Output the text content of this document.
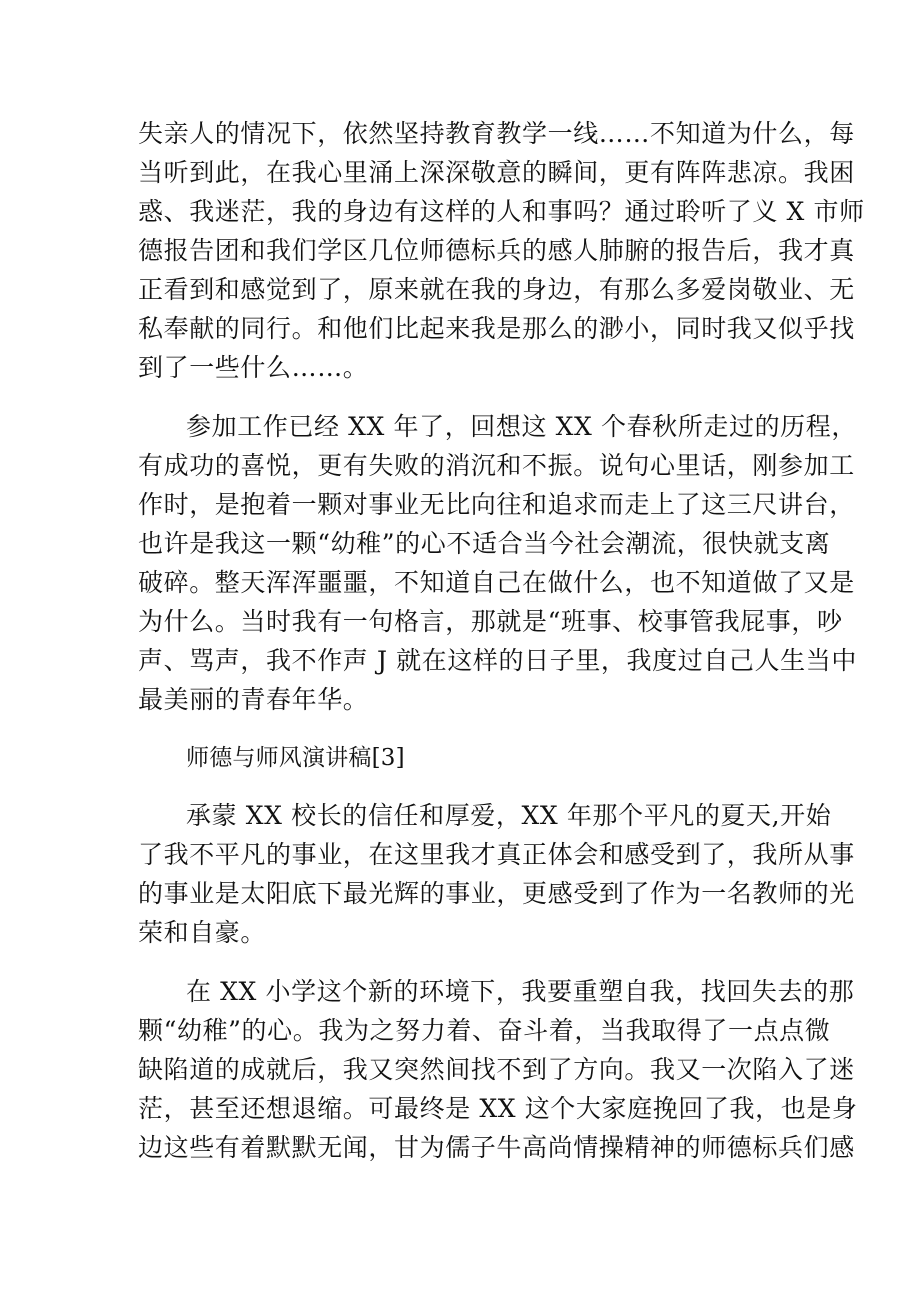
失亲人的情况下，依然坚持教育教学一线……不知道为什么，每
当听到此，在我心里涌上深深敬意的瞬间，更有阵阵悲凉。我困
惑、我迷茫，我的身边有这样的人和事吗？通过聆听了义 X 市师
德报告团和我们学区几位师德标兵的感人肺腑的报告后，我才真
正看到和感觉到了，原来就在我的身边，有那么多爱岗敬业、无
私奉献的同行。和他们比起来我是那么的渺小，同时我又似乎找
到了一些什么……。
参加工作已经 XX 年了，回想这 XX 个春秋所走过的历程，
有成功的喜悦，更有失败的消沉和不振。说句心里话，刚参加工
作时，是抱着一颗对事业无比向往和追求而走上了这三尺讲台，
也许是我这一颗“幼稚”的心不适合当今社会潮流，很快就支离
破碎。整天浑浑噩噩，不知道自己在做什么，也不知道做了又是
为什么。当时我有一句格言，那就是“班事、校事管我屁事，吵
声、骂声，我不作声 J 就在这样的日子里，我度过自己人生当中
最美丽的青春年华。
师德与师风演讲稿[3]
承蒙 XX 校长的信任和厚爱，XX 年那个平凡的夏天,开始
了我不平凡的事业，在这里我才真正体会和感受到了，我所从事
的事业是太阳底下最光辉的事业，更感受到了作为一名教师的光
荣和自豪。
在 XX 小学这个新的环境下，我要重塑自我，找回失去的那
颗“幼稚”的心。我为之努力着、奋斗着，当我取得了一点点微
缺陷道的成就后，我又突然间找不到了方向。我又一次陷入了迷
茫，甚至还想退缩。可最终是 XX 这个大家庭挽回了我，也是身
边这些有着默默无闻，甘为儒子牛高尚情操精神的师德标兵们感
